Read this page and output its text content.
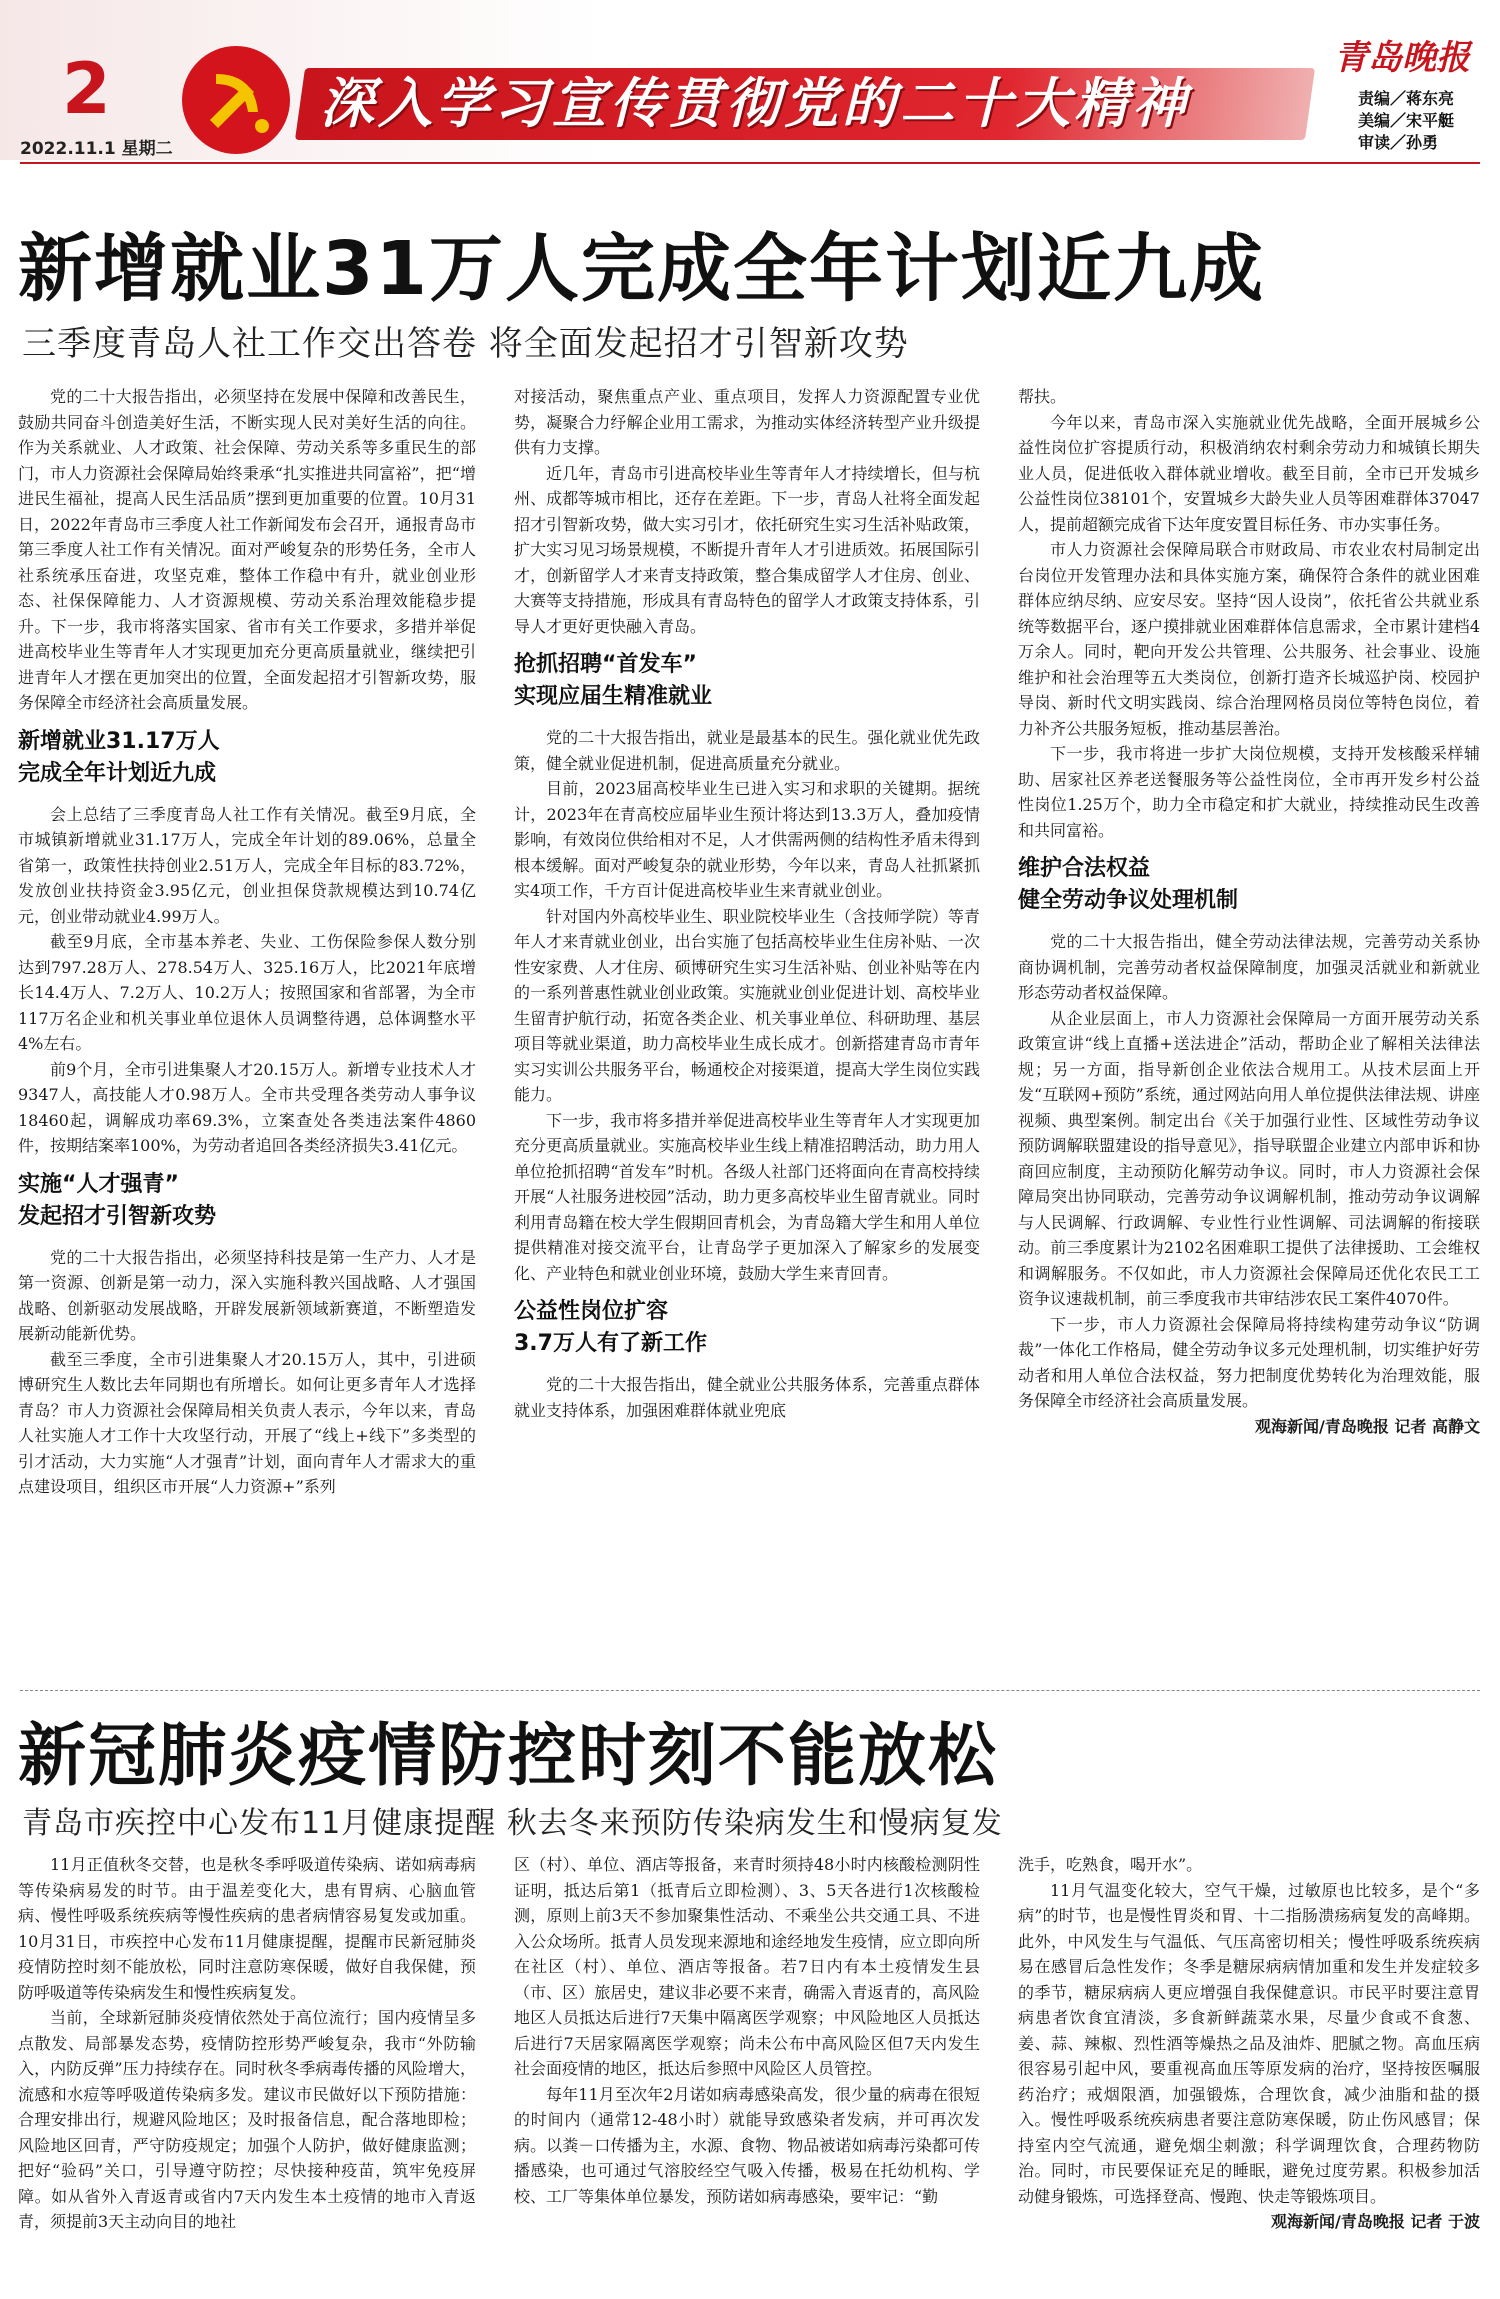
2	深入学习宣传贯彻党的二十大精神
2022.11.1 星期二
青岛晚报
责编／蒋东亮
美编／宋平艇
审读／孙勇
新增就业31万人完成全年计划近九成
三季度青岛人社工作交出答卷 将全面发起招才引智新攻势

党的二十大报告指出，必须坚持在发展中保障和改善民生，鼓励共同奋斗创造美好生活，不断实现人民对美好生活的向往。作为关系就业、人才政策、社会保障、劳动关系等多重民生的部门，市人力资源社会保障局始终秉承“扎实推进共同富裕”，把“增进民生福祉，提高人民生活品质”摆到更加重要的位置。10月31日，2022年青岛市三季度人社工作新闻发布会召开，通报青岛市第三季度人社工作有关情况。面对严峻复杂的形势任务，全市人社系统承压奋进，攻坚克难，整体工作稳中有升，就业创业形态、社保保障能力、人才资源规模、劳动关系治理效能稳步提升。下一步，我市将落实国家、省市有关工作要求，多措并举促进高校毕业生等青年人才实现更加充分更高质量就业，继续把引进青年人才摆在更加突出的位置，全面发起招才引智新攻势，服务保障全市经济社会高质量发展。

新增就业31.17万人
完成全年计划近九成

会上总结了三季度青岛人社工作有关情况。截至9月底，全市城镇新增就业31.17万人，完成全年计划的89.06%，总量全省第一，政策性扶持创业2.51万人，完成全年目标的83.72%，发放创业扶持资金3.95亿元，创业担保贷款规模达到10.74亿元，创业带动就业4.99万人。

截至9月底，全市基本养老、失业、工伤保险参保人数分别达到797.28万人、278.54万人、325.16万人，比2021年底增长14.4万人、7.2万人、10.2万人；按照国家和省部署，为全市117万名企业和机关事业单位退休人员调整待遇，总体调整水平4%左右。

前9个月，全市引进集聚人才20.15万人。新增专业技术人才9347人，高技能人才0.98万人。全市共受理各类劳动人事争议18460起，调解成功率69.3%，立案查处各类违法案件4860件，按期结案率100%，为劳动者追回各类经济损失3.41亿元。

实施“人才强青”
发起招才引智新攻势

党的二十大报告指出，必须坚持科技是第一生产力、人才是第一资源、创新是第一动力，深入实施科教兴国战略、人才强国战略、创新驱动发展战略，开辟发展新领域新赛道，不断塑造发展新动能新优势。

截至三季度，全市引进集聚人才20.15万人，其中，引进硕博研究生人数比去年同期也有所增长。如何让更多青年人才选择青岛？市人力资源社会保障局相关负责人表示，今年以来，青岛人社实施人才工作十大攻坚行动，开展了“线上+线下”多类型的引才活动，大力实施“人才强青”计划，面向青年人才需求大的重点建设项目，组织区市开展“人力资源+”系列

对接活动，聚焦重点产业、重点项目，发挥人力资源配置专业优势，凝聚合力纾解企业用工需求，为推动实体经济转型产业升级提供有力支撑。

近几年，青岛市引进高校毕业生等青年人才持续增长，但与杭州、成都等城市相比，还存在差距。下一步，青岛人社将全面发起招才引智新攻势，做大实习引才，依托研究生实习生活补贴政策，扩大实习见习场景规模，不断提升青年人才引进质效。拓展国际引才，创新留学人才来青支持政策，整合集成留学人才住房、创业、大赛等支持措施，形成具有青岛特色的留学人才政策支持体系，引导人才更好更快融入青岛。

抢抓招聘“首发车”
实现应届生精准就业

党的二十大报告指出，就业是最基本的民生。强化就业优先政策，健全就业促进机制，促进高质量充分就业。

目前，2023届高校毕业生已进入实习和求职的关键期。据统计，2023年在青高校应届毕业生预计将达到13.3万人，叠加疫情影响，有效岗位供给相对不足，人才供需两侧的结构性矛盾未得到根本缓解。面对严峻复杂的就业形势，今年以来，青岛人社抓紧抓实4项工作，千方百计促进高校毕业生来青就业创业。

针对国内外高校毕业生、职业院校毕业生（含技师学院）等青年人才来青就业创业，出台实施了包括高校毕业生住房补贴、一次性安家费、人才住房、硕博研究生实习生活补贴、创业补贴等在内的一系列普惠性就业创业政策。实施就业创业促进计划、高校毕业生留青护航行动，拓宽各类企业、机关事业单位、科研助理、基层项目等就业渠道，助力高校毕业生成长成才。创新搭建青岛市青年实习实训公共服务平台，畅通校企对接渠道，提高大学生岗位实践能力。

下一步，我市将多措并举促进高校毕业生等青年人才实现更加充分更高质量就业。实施高校毕业生线上精准招聘活动，助力用人单位抢抓招聘“首发车”时机。各级人社部门还将面向在青高校持续开展“人社服务进校园”活动，助力更多高校毕业生留青就业。同时利用青岛籍在校大学生假期回青机会，为青岛籍大学生和用人单位提供精准对接交流平台，让青岛学子更加深入了解家乡的发展变化、产业特色和就业创业环境，鼓励大学生来青回青。

公益性岗位扩容
3.7万人有了新工作

党的二十大报告指出，健全就业公共服务体系，完善重点群体就业支持体系，加强困难群体就业兜底

帮扶。

今年以来，青岛市深入实施就业优先战略，全面开展城乡公益性岗位扩容提质行动，积极消纳农村剩余劳动力和城镇长期失业人员，促进低收入群体就业增收。截至目前，全市已开发城乡公益性岗位38101个，安置城乡大龄失业人员等困难群体37047人，提前超额完成省下达年度安置目标任务、市办实事任务。

市人力资源社会保障局联合市财政局、市农业农村局制定出台岗位开发管理办法和具体实施方案，确保符合条件的就业困难群体应纳尽纳、应安尽安。坚持“因人设岗”，依托省公共就业系统等数据平台，逐户摸排就业困难群体信息需求，全市累计建档4万余人。同时，靶向开发公共管理、公共服务、社会事业、设施维护和社会治理等五大类岗位，创新打造齐长城巡护岗、校园护导岗、新时代文明实践岗、综合治理网格员岗位等特色岗位，着力补齐公共服务短板，推动基层善治。

下一步，我市将进一步扩大岗位规模，支持开发核酸采样辅助、居家社区养老送餐服务等公益性岗位，全市再开发乡村公益性岗位1.25万个，助力全市稳定和扩大就业，持续推动民生改善和共同富裕。

维护合法权益
健全劳动争议处理机制

党的二十大报告指出，健全劳动法律法规，完善劳动关系协商协调机制，完善劳动者权益保障制度，加强灵活就业和新就业形态劳动者权益保障。

从企业层面上，市人力资源社会保障局一方面开展劳动关系政策宣讲“线上直播+送法进企”活动，帮助企业了解相关法律法规；另一方面，指导新创企业依法合规用工。从技术层面上开发“互联网+预防”系统，通过网站向用人单位提供法律法规、讲座视频、典型案例。制定出台《关于加强行业性、区域性劳动争议预防调解联盟建设的指导意见》，指导联盟企业建立内部申诉和协商回应制度，主动预防化解劳动争议。同时，市人力资源社会保障局突出协同联动，完善劳动争议调解机制，推动劳动争议调解与人民调解、行政调解、专业性行业性调解、司法调解的衔接联动。前三季度累计为2102名困难职工提供了法律援助、工会维权和调解服务。不仅如此，市人力资源社会保障局还优化农民工工资争议速裁机制，前三季度我市共审结涉农民工案件4070件。

下一步，市人力资源社会保障局将持续构建劳动争议“防调裁”一体化工作格局，健全劳动争议多元处理机制，切实维护好劳动者和用人单位合法权益，努力把制度优势转化为治理效能，服务保障全市经济社会高质量发展。

观海新闻/青岛晚报 记者 高静文
新冠肺炎疫情防控时刻不能放松
青岛市疾控中心发布11月健康提醒 秋去冬来预防传染病发生和慢病复发

11月正值秋冬交替，也是秋冬季呼吸道传染病、诺如病毒病等传染病易发的时节。由于温差变化大，患有胃病、心脑血管病、慢性呼吸系统疾病等慢性疾病的患者病情容易复发或加重。10月31日，市疾控中心发布11月健康提醒，提醒市民新冠肺炎疫情防控时刻不能放松，同时注意防寒保暖，做好自我保健，预防呼吸道等传染病发生和慢性疾病复发。

当前，全球新冠肺炎疫情依然处于高位流行；国内疫情呈多点散发、局部暴发态势，疫情防控形势严峻复杂，我市“外防输入，内防反弹”压力持续存在。同时秋冬季病毒传播的风险增大，流感和水痘等呼吸道传染病多发。建议市民做好以下预防措施：合理安排出行，规避风险地区；及时报备信息，配合落地即检；风险地区回青，严守防疫规定；加强个人防护，做好健康监测；把好“验码”关口，引导遵守防控；尽快接种疫苗，筑牢免疫屏障。如从省外入青返青或省内7天内发生本土疫情的地市入青返青，须提前3天主动向目的地社

区（村）、单位、酒店等报备，来青时须持48小时内核酸检测阴性证明，抵达后第1（抵青后立即检测）、3、5天各进行1次核酸检测，原则上前3天不参加聚集性活动、不乘坐公共交通工具、不进入公众场所。抵青人员发现来源地和途经地发生疫情，应立即向所在社区（村）、单位、酒店等报备。若7日内有本土疫情发生县（市、区）旅居史，建议非必要不来青，确需入青返青的，高风险地区人员抵达后进行7天集中隔离医学观察；中风险地区人员抵达后进行7天居家隔离医学观察；尚未公布中高风险区但7天内发生社会面疫情的地区，抵达后参照中风险区人员管控。

每年11月至次年2月诺如病毒感染高发，很少量的病毒在很短的时间内（通常12-48小时）就能导致感染者发病，并可再次发病。以粪－口传播为主，水源、食物、物品被诺如病毒污染都可传播感染，也可通过气溶胶经空气吸入传播，极易在托幼机构、学校、工厂等集体单位暴发，预防诺如病毒感染，要牢记：“勤

洗手，吃熟食，喝开水”。

11月气温变化较大，空气干燥，过敏原也比较多，是个“多病”的时节，也是慢性胃炎和胃、十二指肠溃疡病复发的高峰期。此外，中风发生与气温低、气压高密切相关；慢性呼吸系统疾病易在感冒后急性发作；冬季是糖尿病病情加重和发生并发症较多的季节，糖尿病病人更应增强自我保健意识。市民平时要注意胃病患者饮食宜清淡，多食新鲜蔬菜水果，尽量少食或不食葱、姜、蒜、辣椒、烈性酒等燥热之品及油炸、肥腻之物。高血压病很容易引起中风，要重视高血压等原发病的治疗，坚持按医嘱服药治疗；戒烟限酒，加强锻炼，合理饮食，减少油脂和盐的摄入。慢性呼吸系统疾病患者要注意防寒保暖，防止伤风感冒；保持室内空气流通，避免烟尘刺激；科学调理饮食，合理药物防治。同时，市民要保证充足的睡眠，避免过度劳累。积极参加活动健身锻炼，可选择登高、慢跑、快走等锻炼项目。

观海新闻/青岛晚报 记者 于波
